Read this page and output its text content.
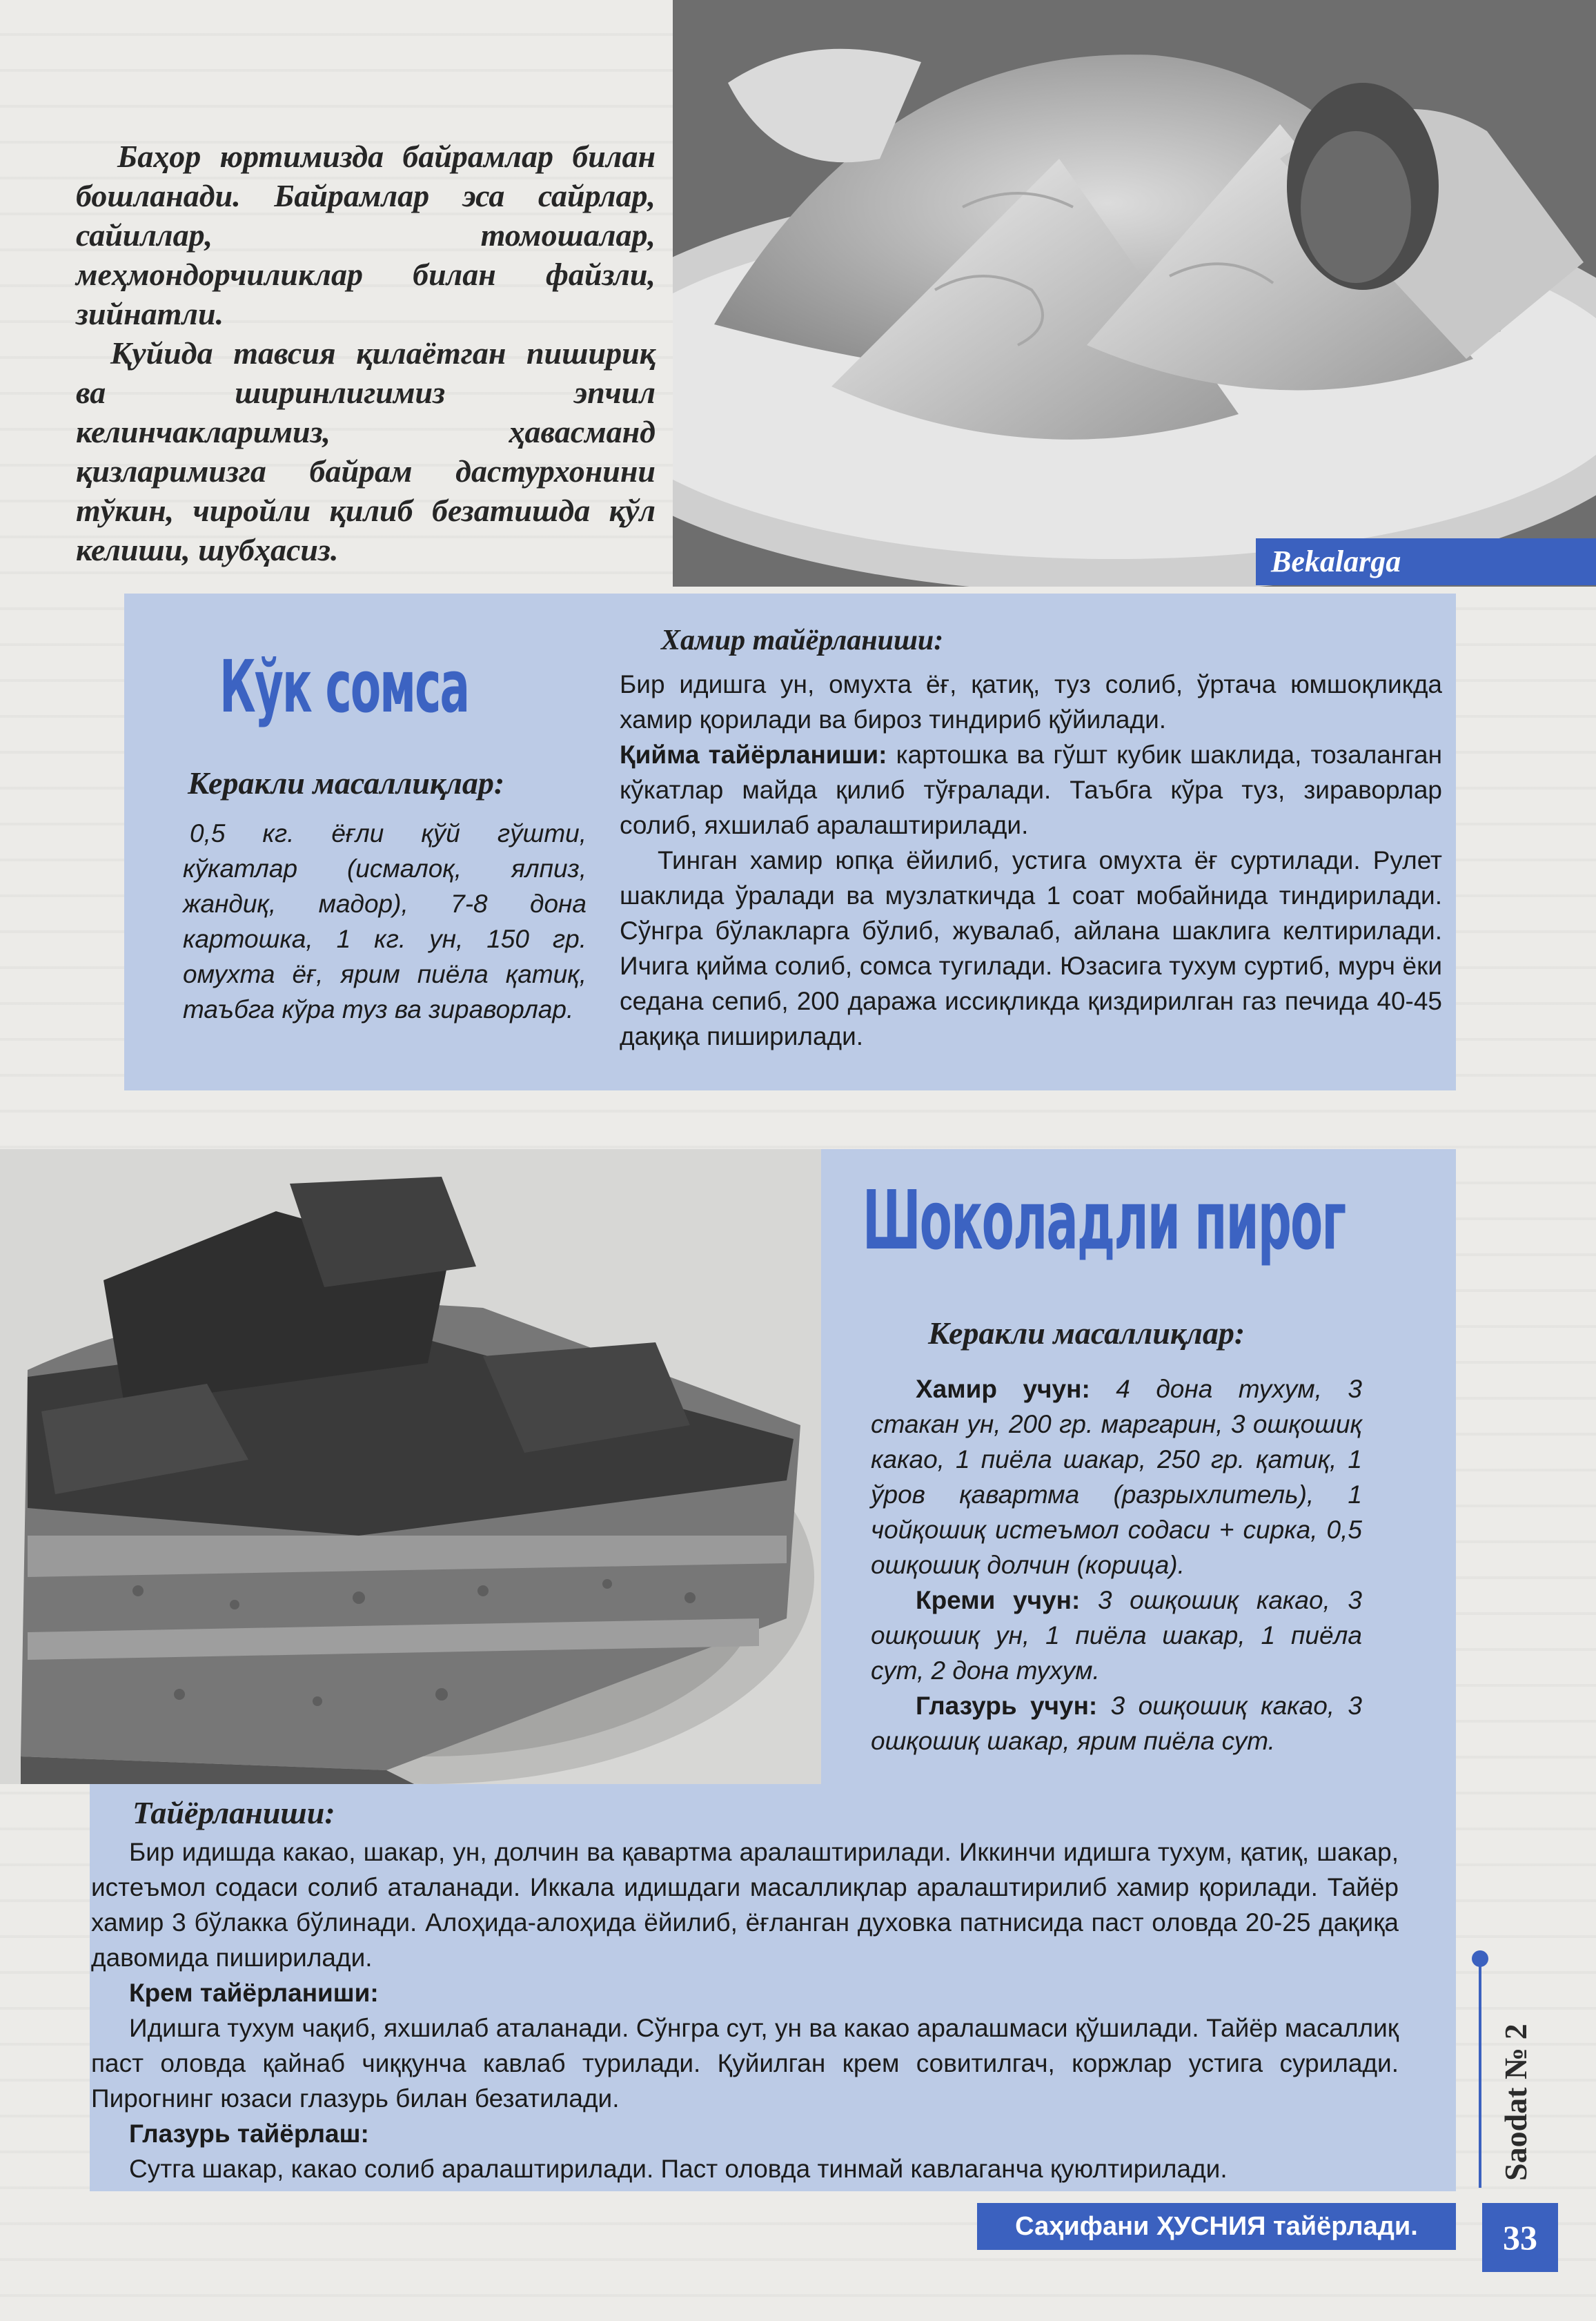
Bekalarga

Баҳор юртимизда байрамлар билан бошланади. Байрамлар эса сайрлар, сайиллар, томошалар, меҳмондорчиликлар билан файзли, зийнатли.

Қуйида тавсия қилаётган пишириқ ва ширинлигимиз эпчил келинчакларимиз, ҳавасманд қизларимизга байрам дастурхонини тўкин, чиройли қилиб безатишда қўл келиши, шубҳасиз.

Кўк сомса
Керакли масаллиқлар:
0,5 кг. ёғли қўй гўшти, кўкатлар (исмалоқ, ялпиз, жандиқ, мадор), 7-8 дона картошка, 1 кг. ун, 150 гр. омухта ёғ, ярим пиёла қатиқ, таъбга кўра туз ва зираворлар.
Хамир тайёрланиши:

Бир идишга ун, омухта ёғ, қатиқ, туз солиб, ўртача юмшоқликда хамир қорилади ва бироз тиндириб қўйилади.

Қийма тайёрланиши: картошка ва гўшт кубик шаклида, тозаланган кўкатлар майда қилиб тўғралади. Таъбга кўра туз, зираворлар солиб, яхшилаб аралаштирилади.

Тинган хамир юпқа ёйилиб, устига омухта ёғ суртилади. Рулет шаклида ўралади ва музлаткичда 1 соат мобайнида тиндирилади. Сўнгра бўлакларга бўлиб, жувалаб, айлана шаклига келтирилади. Ичига қийма солиб, сомса тугилади. Юзасига тухум суртиб, мурч ёки седана сепиб, 200 даража иссиқликда қиздирилган газ печида 40-45 дақиқа пиширилади.

Шоколадли пирог
Керакли масаллиқлар:
Хамир учун: 4 дона тухум, 3 стакан ун, 200 гр. маргарин, 3 ошқошиқ какао, 1 пиёла шакар, 250 гр. қатиқ, 1 ўров қавартма (разрыхлитель), 1 чойқошиқ истеъмол содаси + сирка, 0,5 ошқошиқ долчин (корица).
Креми учун: 3 ошқошиқ какао, 3 ошқошиқ ун, 1 пиёла шакар, 1 пиёла сут, 2 дона тухум.
Глазурь учун: 3 ошқошиқ какао, 3 ошқошиқ шакар, ярим пиёла сут.
Тайёрланиши:

Бир идишда какао, шакар, ун, долчин ва қавартма аралаштирилади. Иккинчи идишга тухум, қатиқ, шакар, истеъмол содаси солиб аталанади. Иккала идишдаги масаллиқлар аралаштирилиб хамир қорилади. Тайёр хамир 3 бўлакка бўлинади. Алоҳида-алоҳида ёйилиб, ёғланган духовка патнисида паст оловда 20-25 дақиқа давомида пиширилади.

Крем тайёрланиши:

Идишга тухум чақиб, яхшилаб аталанади. Сўнгра сут, ун ва какао аралашмаси қўшилади. Тайёр масаллиқ паст оловда қайнаб чиққунча кавлаб турилади. Қуйилган крем совитилгач, коржлар устига сурилади. Пирогнинг юзаси глазурь билан безатилади.

Глазурь тайёрлаш:

Сутга шакар, какао солиб аралаштирилади. Паст оловда тинмай кавлаганча қуюлтирилади.

Саҳифани ҲУСНИЯ тайёрлади.
Saodat № 2
33
